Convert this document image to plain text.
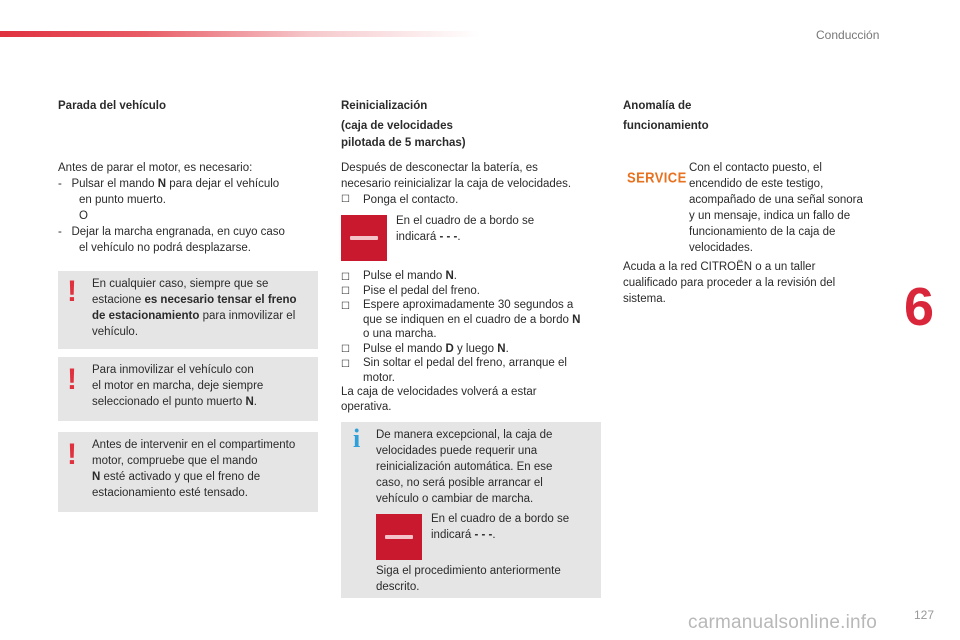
Conducción
6
127
carmanualsonline.info
Parada del vehículo
Antes de parar el motor, es necesario:
- Pulsar el mando N para dejar el vehículo
en punto muerto.
O
- Dejar la marcha engranada, en cuyo caso
el vehículo no podrá desplazarse.
! En cualquier caso, siempre que se
estacione es necesario tensar el freno
de estacionamiento para inmovilizar el
vehículo.
! Para inmovilizar el vehículo con
el motor en marcha, deje siempre
seleccionado el punto muerto N.
! Antes de intervenir en el compartimento
motor, compruebe que el mando
N esté activado y que el freno de
estacionamiento esté tensado.
Reinicialización
(caja de velocidades
pilotada de 5 marchas)
Después de desconectar la batería, es
necesario reinicializar la caja de velocidades.
☐ Ponga el contacto.
En el cuadro de a bordo se
indicará - - -.
☐ Pulse el mando N.
☐ Pise el pedal del freno.
☐ Espere aproximadamente 30 segundos a
que se indiquen en el cuadro de a bordo N
o una marcha.
☐ Pulse el mando D y luego N.
☐ Sin soltar el pedal del freno, arranque el
motor.
La caja de velocidades volverá a estar
operativa.
i De manera excepcional, la caja de
velocidades puede requerir una
reinicialización automática. En ese
caso, no será posible arrancar el
vehículo o cambiar de marcha.
En el cuadro de a bordo se
indicará - - -.
Siga el procedimiento anteriormente
descrito.
Anomalía de
funcionamiento
SERVICE
Con el contacto puesto, el
encendido de este testigo,
acompañado de una señal sonora
y un mensaje, indica un fallo de
funcionamiento de la caja de
velocidades.
Acuda a la red CITROËN o a un taller
cualificado para proceder a la revisión del
sistema.
